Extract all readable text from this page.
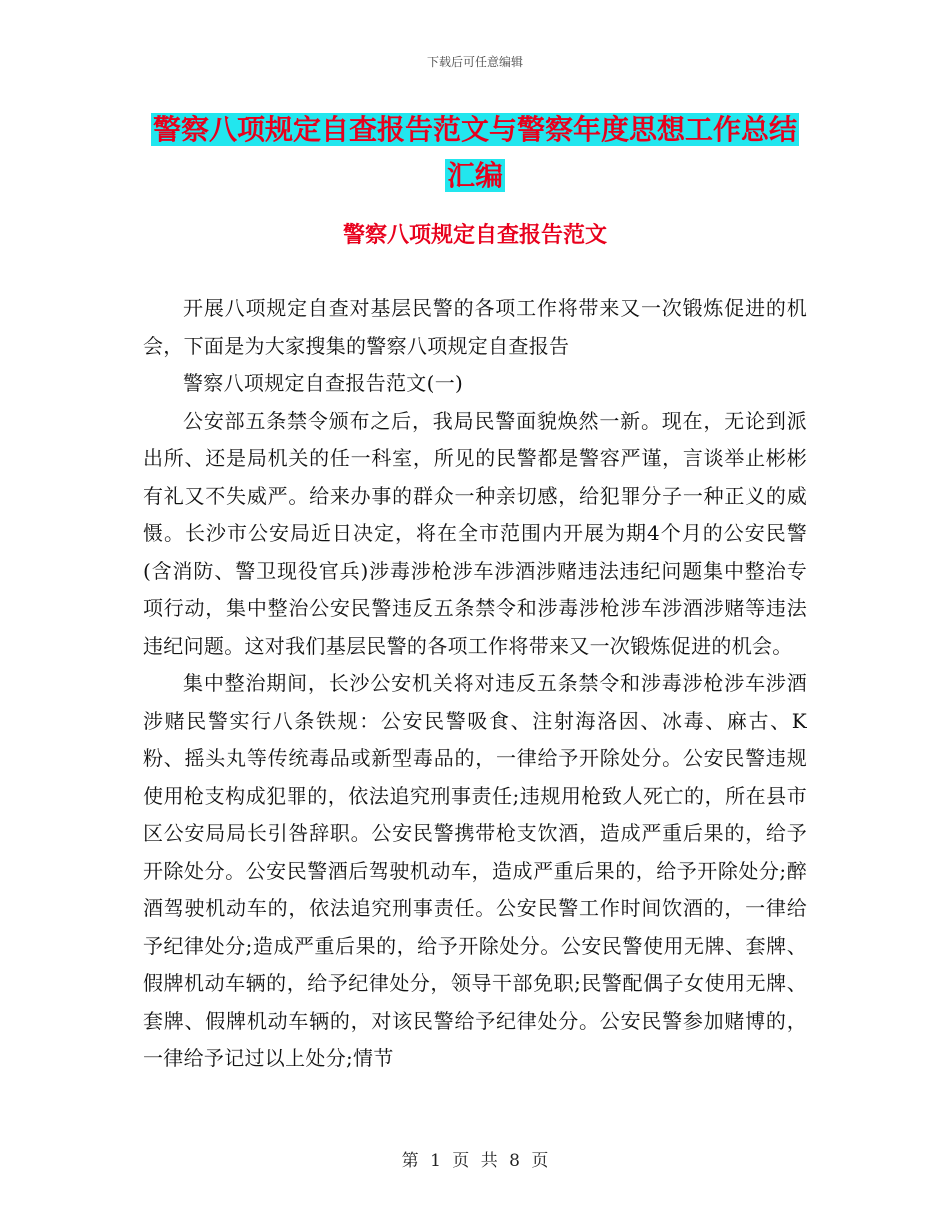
下载后可任意编辑
警察八项规定自查报告范文与警察年度思想工作总结
汇编
警察八项规定自查报告范文

开展八项规定自查对基层民警的各项工作将带来又一次锻炼促进的机会，下面是为大家搜集的警察八项规定自查报告

警察八项规定自查报告范文(一)

公安部五条禁令颁布之后，我局民警面貌焕然一新。现在，无论到派出所、还是局机关的任一科室，所见的民警都是警容严谨，言谈举止彬彬有礼又不失威严。给来办事的群众一种亲切感，给犯罪分子一种正义的威慑。长沙市公安局近日决定，将在全市范围内开展为期4个月的公安民警(含消防、警卫现役官兵)涉毒涉枪涉车涉酒涉赌违法违纪问题集中整治专项行动，集中整治公安民警违反五条禁令和涉毒涉枪涉车涉酒涉赌等违法违纪问题。这对我们基层民警的各项工作将带来又一次锻炼促进的机会。

集中整治期间，长沙公安机关将对违反五条禁令和涉毒涉枪涉车涉酒涉赌民警实行八条铁规：公安民警吸食、注射海洛因、冰毒、麻古、K粉、摇头丸等传统毒品或新型毒品的，一律给予开除处分。公安民警违规使用枪支构成犯罪的，依法追究刑事责任;违规用枪致人死亡的，所在县市区公安局局长引咎辞职。公安民警携带枪支饮酒，造成严重后果的，给予开除处分。公安民警酒后驾驶机动车，造成严重后果的，给予开除处分;醉酒驾驶机动车的，依法追究刑事责任。公安民警工作时间饮酒的，一律给予纪律处分;造成严重后果的，给予开除处分。公安民警使用无牌、套牌、假牌机动车辆的，给予纪律处分，领导干部免职;民警配偶子女使用无牌、套牌、假牌机动车辆的，对该民警给予纪律处分。公安民警参加赌博的，一律给予记过以上处分;情节

第 1 页 共 8 页
